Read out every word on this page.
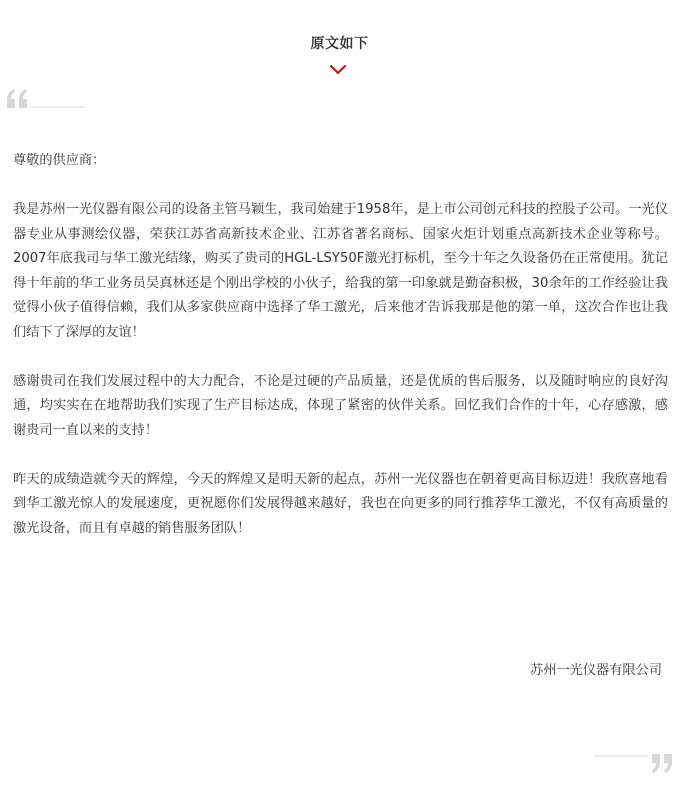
原文如下

尊敬的供应商：

我是苏州一光仪器有限公司的设备主管马颖生，我司始建于1958年，是上市公司创元科技的控股子公司。一光仪器专业从事测绘仪器，荣获江苏省高新技术企业、江苏省著名商标、国家火炬计划重点高新技术企业等称号。2007年底我司与华工激光结缘，购买了贵司的HGL-LSY50F激光打标机，至今十年之久设备仍在正常使用。犹记得十年前的华工业务员吴真林还是个刚出学校的小伙子，给我的第一印象就是勤奋积极，30余年的工作经验让我觉得小伙子值得信赖，我们从多家供应商中选择了华工激光，后来他才告诉我那是他的第一单，这次合作也让我们结下了深厚的友谊！

感谢贵司在我们发展过程中的大力配合，不论是过硬的产品质量，还是优质的售后服务，以及随时响应的良好沟通，均实实在在地帮助我们实现了生产目标达成，体现了紧密的伙伴关系。回忆我们合作的十年，心存感激，感谢贵司一直以来的支持！

昨天的成绩造就今天的辉煌，今天的辉煌又是明天新的起点，苏州一光仪器也在朝着更高目标迈进！我欣喜地看到华工激光惊人的发展速度，更祝愿你们发展得越来越好，我也在向更多的同行推荐华工激光，不仅有高质量的激光设备，而且有卓越的销售服务团队！

苏州一光仪器有限公司
